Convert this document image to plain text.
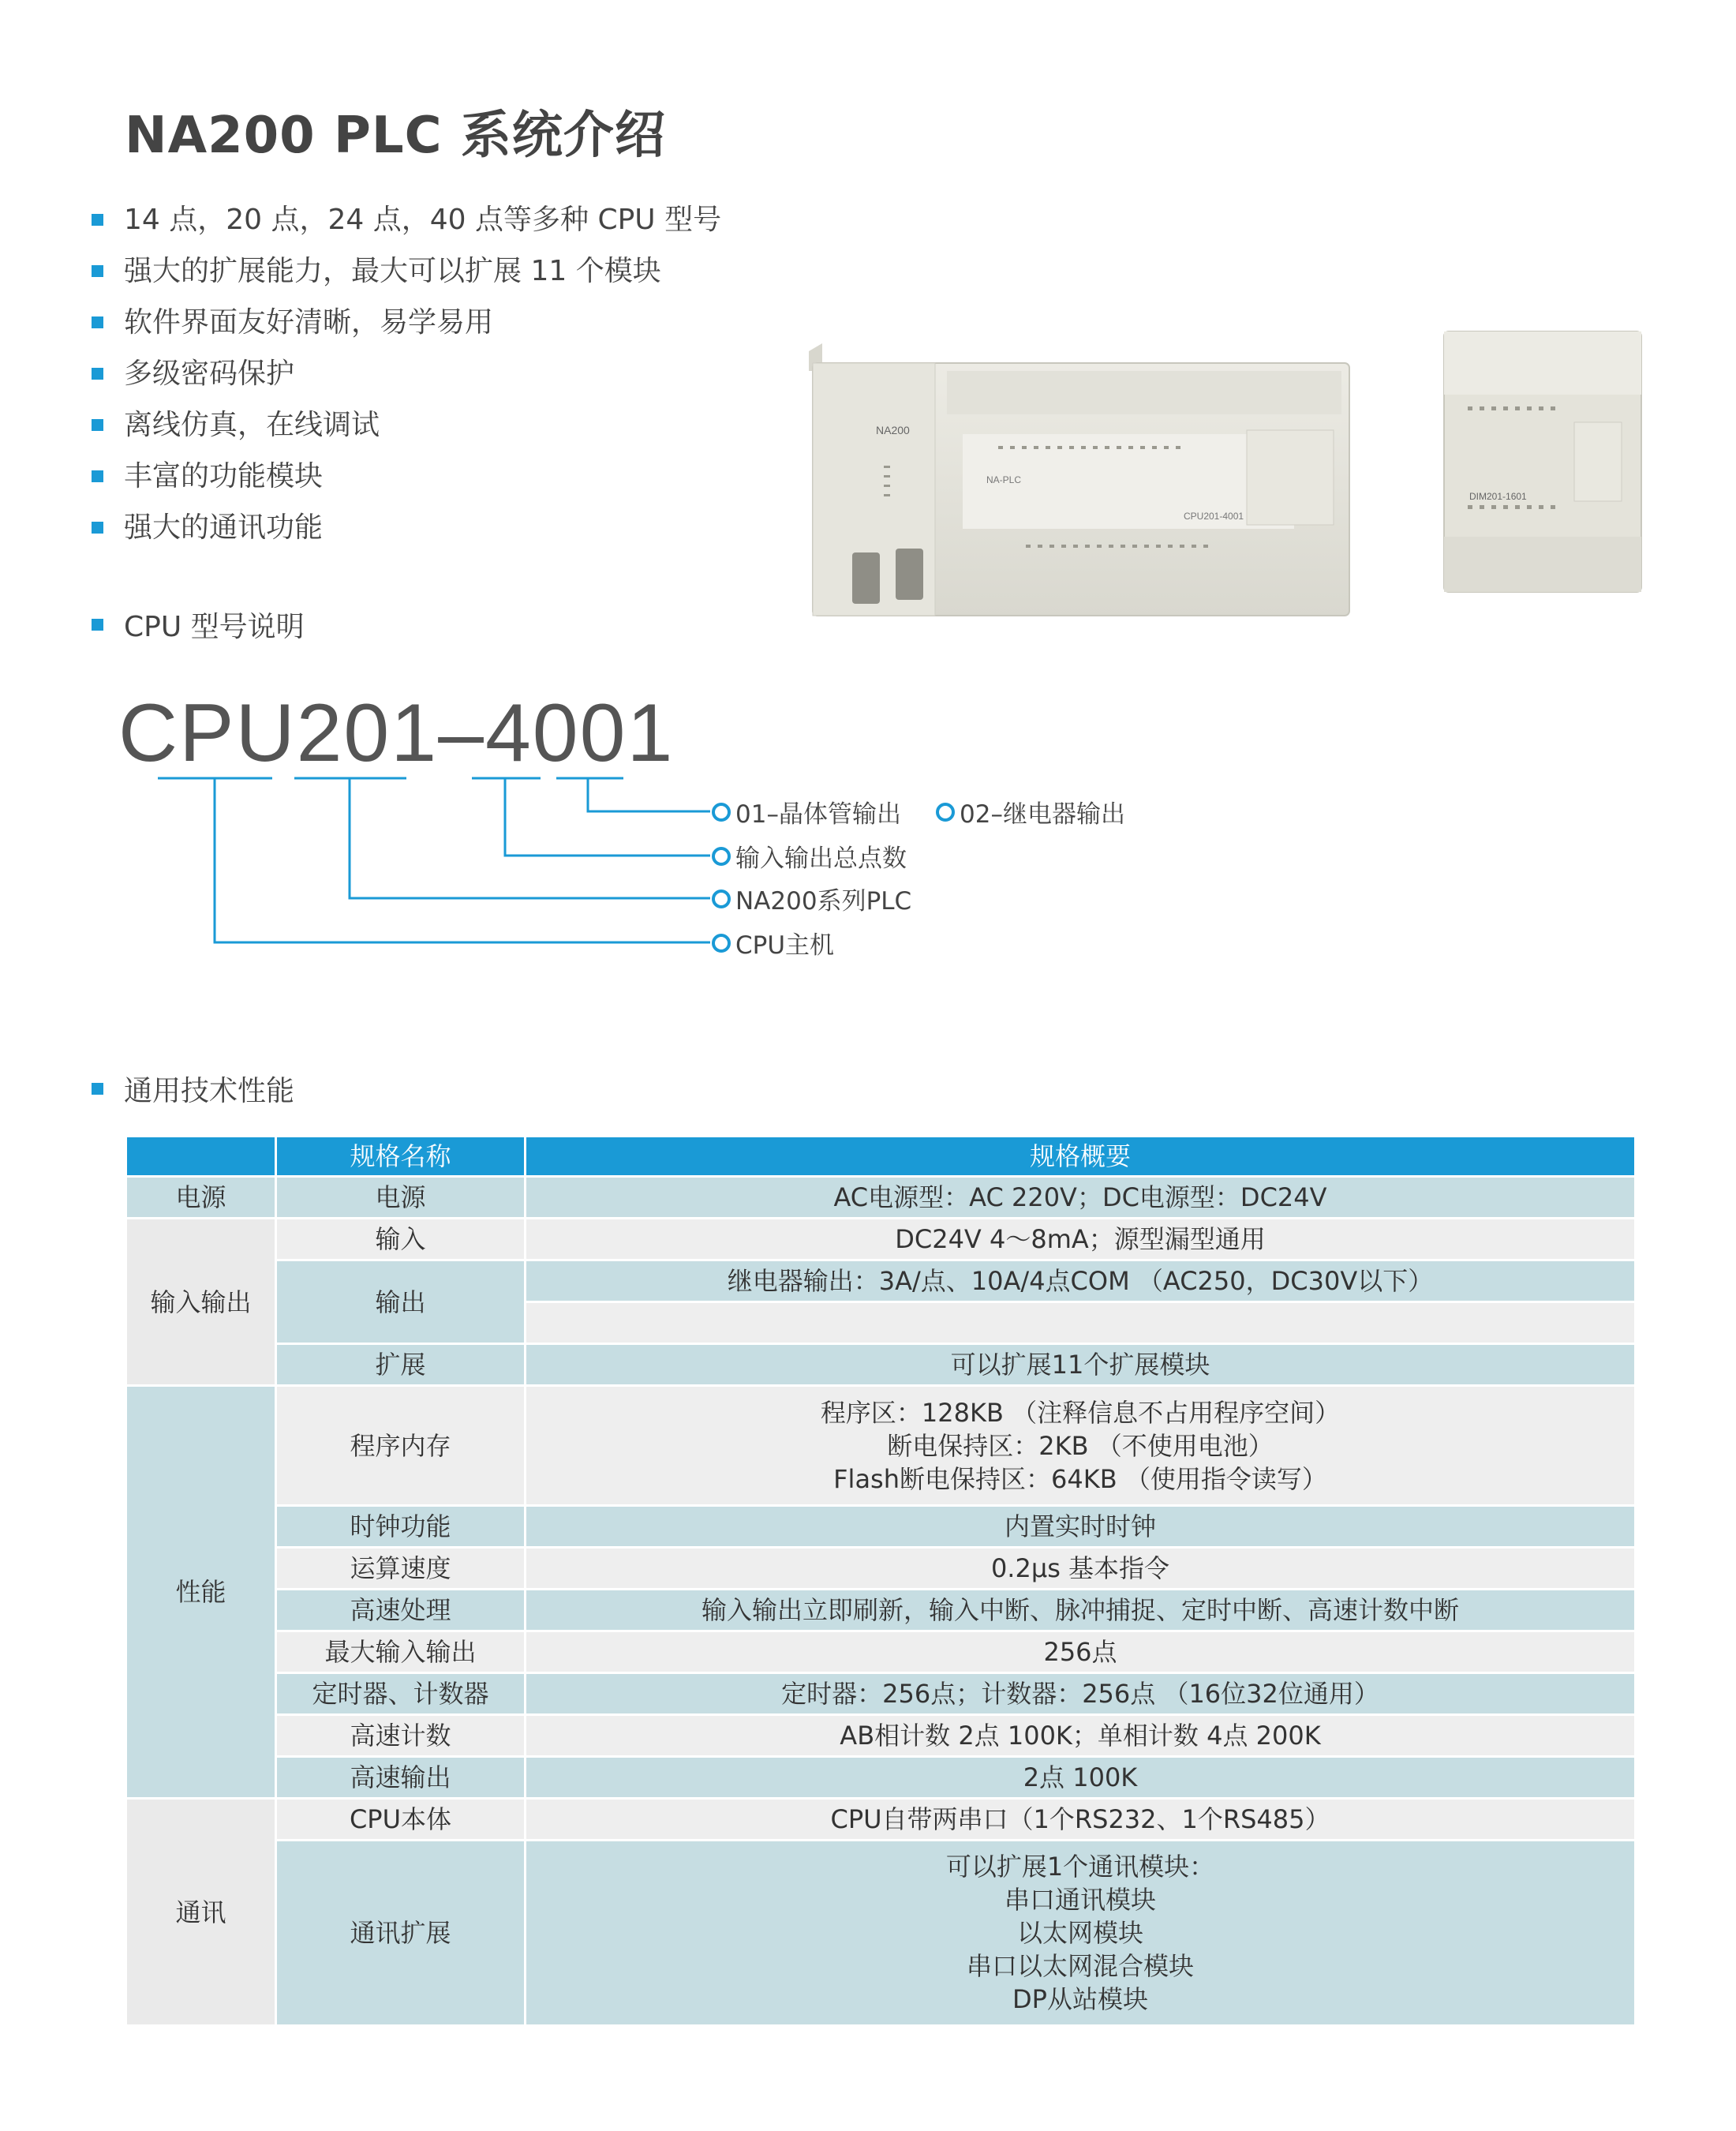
NA200 PLC 系统介绍
14 点，20 点，24 点，40 点等多种 CPU 型号
强大的扩展能力，最大可以扩展 11 个模块
软件界面友好清晰，易学易用
多级密码保护
离线仿真，在线调试
丰富的功能模块
强大的通讯功能
NA200
NA-PLC
CPU201-4001
DIM201-1601
CPU 型号说明
CPU201–4001
01–晶体管输出 02–继电器输出
输入输出总点数
NA200系列PLC
CPU主机
通用技术性能
	规格名称	规格概要
电源	电源	AC电源型：AC 220V；DC电源型：DC24V
输入输出	输入	DC24V 4～8mA；源型漏型通用
	输出	继电器输出：3A/点、10A/4点COM （AC250，DC30V以下）

	扩展	可以扩展11个扩展模块
性能	程序内存	程序区：128KB （注释信息不占用程序空间）
断电保持区：2KB （不使用电池）
Flash断电保持区：64KB （使用指令读写）

	时钟功能	内置实时时钟
	运算速度	0.2μs 基本指令
	高速处理	输入输出立即刷新，输入中断、脉冲捕捉、定时中断、高速计数中断
	最大输入输出	256点
	定时器、计数器	定时器：256点；计数器：256点 （16位32位通用）
	高速计数	AB相计数 2点 100K；单相计数 4点 200K
	高速输出	2点 100K
通讯	CPU本体	CPU自带两串口（1个RS232、1个RS485）
	通讯扩展	可以扩展1个通讯模块：
串口通讯模块
以太网模块
串口以太网混合模块
DP从站模块
